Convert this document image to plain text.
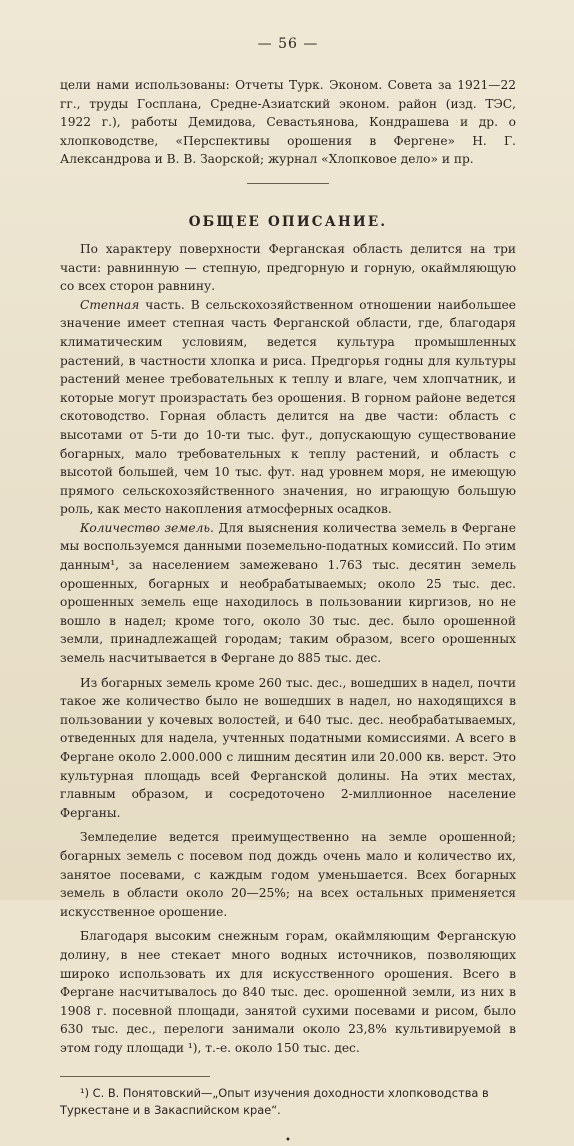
— 56 —

цели нами использованы: Отчеты Турк. Эконом. Совета за 1921—22 гг., труды Госплана, Средне-Азиатский эконом. район (изд. ТЭС, 1922 г.), работы Демидова, Севастьянова, Кондрашева и др. о хлопководстве, «Перспективы орошения в Фергене» Н. Г. Александрова и В. В. Заорской; журнал «Хлопковое дело» и пр.

ОБЩЕЕ ОПИСАНИЕ.

По характеру поверхности Ферганская область делится на три части: равнинную — степную, предгорную и горную, окаймляющую со всех сторон равнину.

Степная часть. В сельскохозяйственном отношении наибольшее значение имеет степная часть Ферганской области, где, благодаря климатическим условиям, ведется культура промышленных растений, в частности хлопка и риса. Предгорья годны для культуры растений менее требовательных к теплу и влаге, чем хлопчатник, и которые могут произрастать без орошения. В горном районе ведется скотоводство. Горная область делится на две части: область с высотами от 5-ти до 10-ти тыс. фут., допускающую существование богарных, мало требовательных к теплу растений, и область с высотой большей, чем 10 тыс. фут. над уровнем моря, не имеющую прямого сельскохозяйственного значения, но играющую большую роль, как место накопления атмосферных осадков.

Количество земель. Для выяснения количества земель в Фергане мы воспользуемся данными поземельно-податных комиссий. По этим данным¹, за населением замежевано 1.763 тыс. десятин земель орошенных, богарных и необрабатываемых; около 25 тыс. дес. орошенных земель еще находилось в пользовании киргизов, но не вошло в надел; кроме того, около 30 тыс. дес. было орошенной земли, принадлежащей городам; таким образом, всего орошенных земель насчитывается в Фергане до 885 тыс. дес.

Из богарных земель кроме 260 тыс. дес., вошедших в надел, почти такое же количество было не вошедших в надел, но находящихся в пользовании у кочевых волостей, и 640 тыс. дес. необрабатываемых, отведенных для надела, учтенных податными комиссиями. А всего в Фергане около 2.000.000 с лишним десятин или 20.000 кв. верст. Это культурная площадь всей Ферганской долины. На этих местах, главным образом, и сосредоточено 2-миллионное население Ферганы.

Земледелие ведется преимущественно на земле орошенной; богарных земель с посевом под дождь очень мало и количество их, занятое посевами, с каждым годом уменьшается. Всех богарных земель в области около 20—25%; на всех остальных применяется искусственное орошение.

Благодаря высоким снежным горам, окаймляющим Ферганскую долину, в нее стекает много водных источников, позволяющих широко использовать их для искусственного орошения. Всего в Фергане насчитывалось до 840 тыс. дес. орошенной земли, из них в 1908 г. посевной площади, занятой сухими посевами и рисом, было 630 тыс. дес., перелоги занимали около 23,8% культивируемой в этом году площади ¹), т.-е. около 150 тыс. дес.

¹) С. В. Понятовский—„Опыт изучения доходности хлопководства в Туркестане и в Закаспийском крае“.

•
